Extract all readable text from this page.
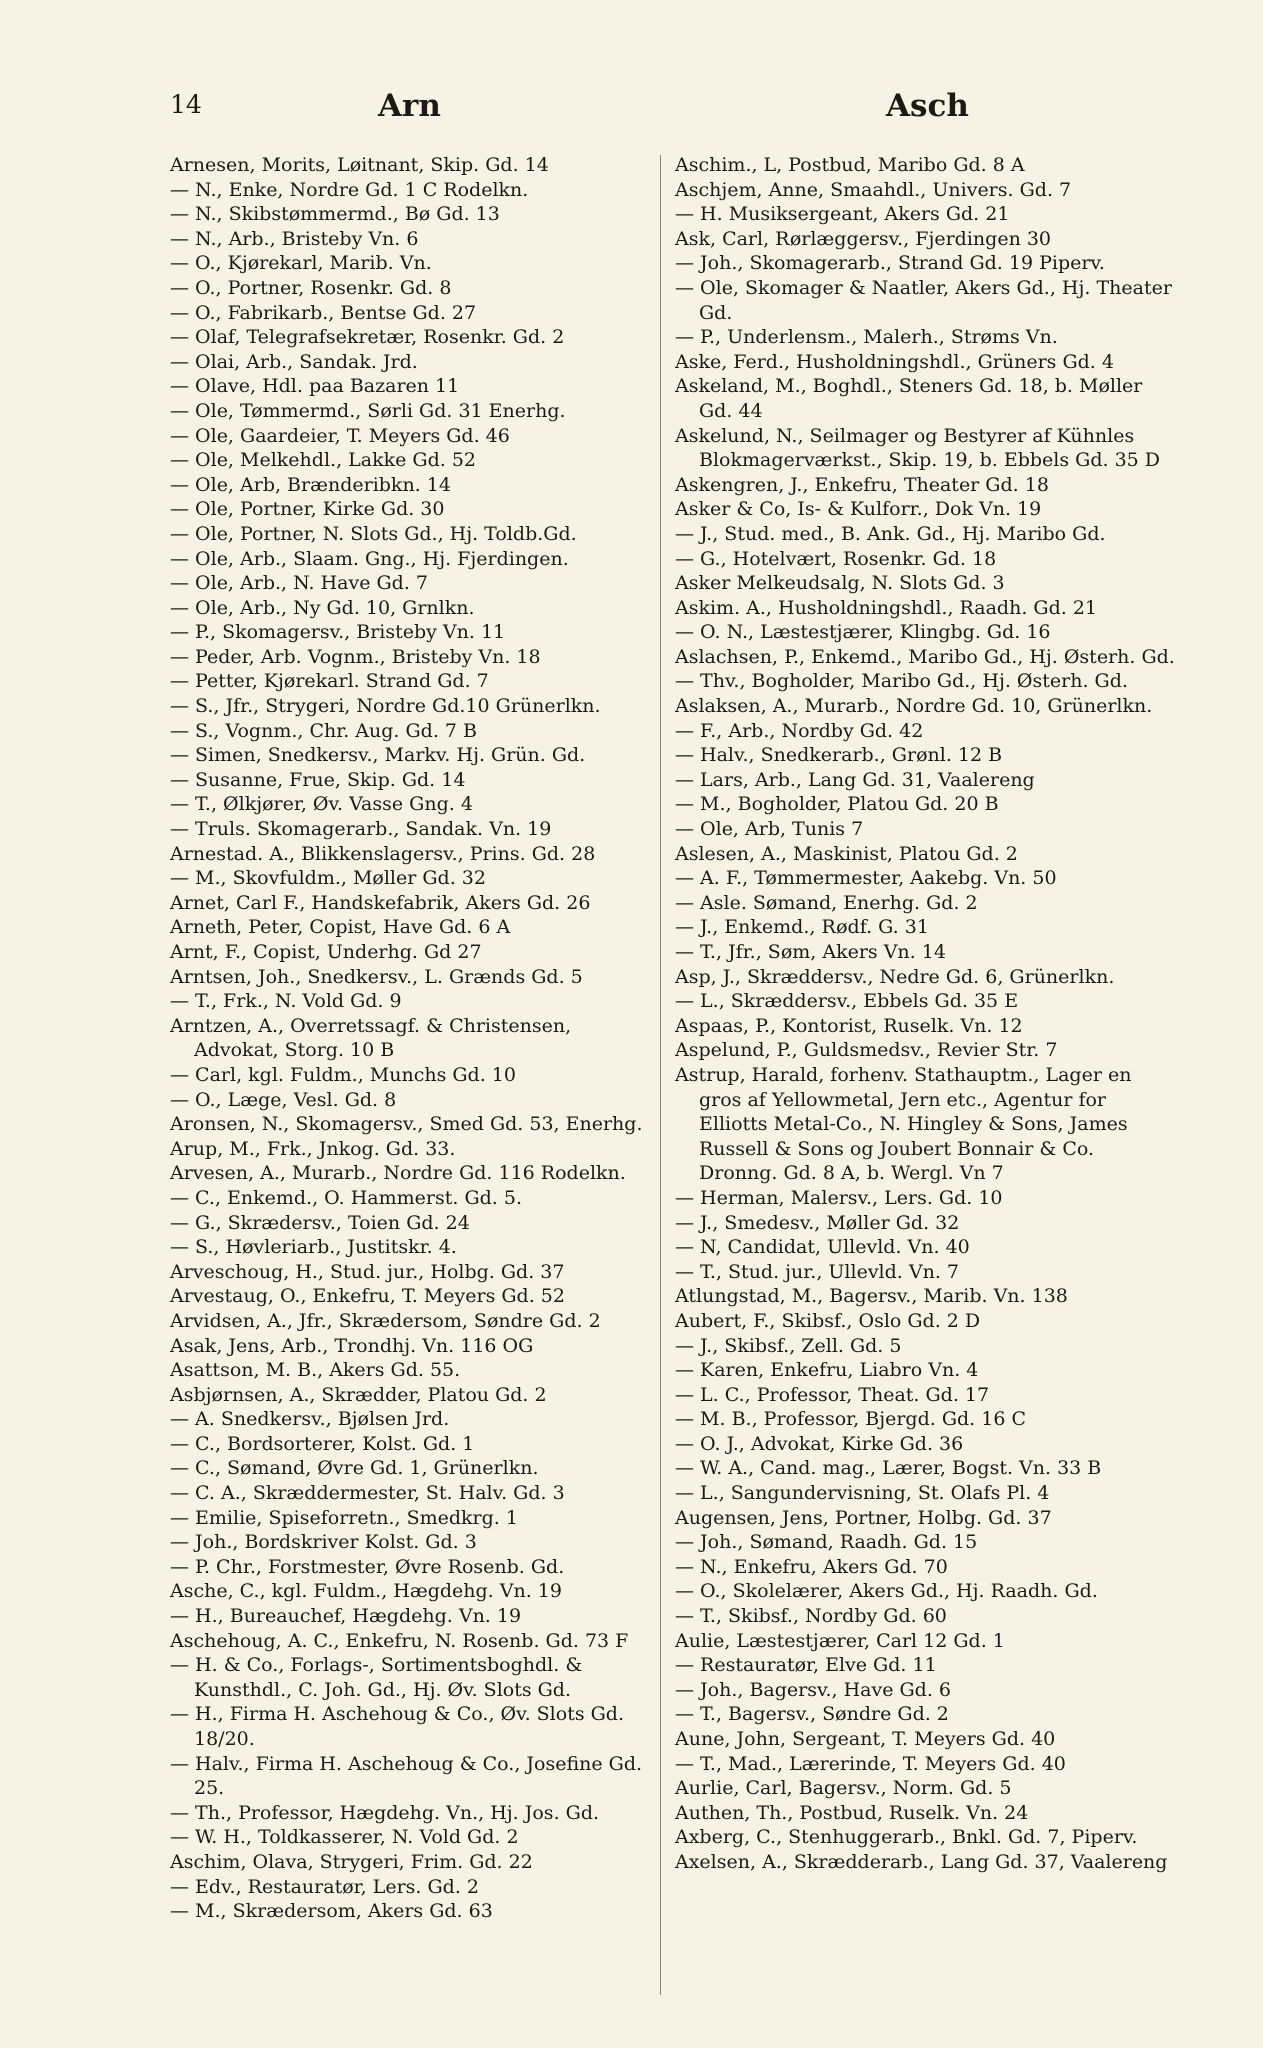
14	Arn	Asch
Arnesen, Morits, Løitnant, Skip. Gd. 14
— N., Enke, Nordre Gd. 1 C Rodelkn.
— N., Skibstømmermd., Bø Gd. 13
— N., Arb., Bristeby Vn. 6
— O., Kjørekarl, Marib. Vn.
— O., Portner, Rosenkr. Gd. 8
— O., Fabrikarb., Bentse Gd. 27
— Olaf, Telegrafsekretær, Rosenkr. Gd. 2
— Olai, Arb., Sandak. Jrd.
— Olave, Hdl. paa Bazaren 11
— Ole, Tømmermd., Sørli Gd. 31 Enerhg.
— Ole, Gaardeier, T. Meyers Gd. 46
— Ole, Melkehdl., Lakke Gd. 52
— Ole, Arb, Brænderibkn. 14
— Ole, Portner, Kirke Gd. 30
— Ole, Portner, N. Slots Gd., Hj. Toldb.Gd.
— Ole, Arb., Slaam. Gng., Hj. Fjerdingen.
— Ole, Arb., N. Have Gd. 7
— Ole, Arb., Ny Gd. 10, Grnlkn.
— P., Skomagersv., Bristeby Vn. 11
— Peder, Arb. Vognm., Bristeby Vn. 18
— Petter, Kjørekarl. Strand Gd. 7
— S., Jfr., Strygeri, Nordre Gd.10 Grünerlkn.
— S., Vognm., Chr. Aug. Gd. 7 B
— Simen, Snedkersv., Markv. Hj. Grün. Gd.
— Susanne, Frue, Skip. Gd. 14
— T., Ølkjører, Øv. Vasse Gng. 4
— Truls. Skomagerarb., Sandak. Vn. 19
Arnestad. A., Blikkenslagersv., Prins. Gd. 28
— M., Skovfuldm., Møller Gd. 32
Arnet, Carl F., Handskefabrik, Akers Gd. 26
Arneth, Peter, Copist, Have Gd. 6 A
Arnt, F., Copist, Underhg. Gd 27
Arntsen, Joh., Snedkersv., L. Grænds Gd. 5
— T., Frk., N. Vold Gd. 9
Arntzen, A., Overretssagf. & Christensen, Advokat, Storg. 10 B
— Carl, kgl. Fuldm., Munchs Gd. 10
— O., Læge, Vesl. Gd. 8
Aronsen, N., Skomagersv., Smed Gd. 53, Enerhg.
Arup, M., Frk., Jnkog. Gd. 33.
Arvesen, A., Murarb., Nordre Gd. 116 Rodelkn.
— C., Enkemd., O. Hammerst. Gd. 5.
— G., Skrædersv., Toien Gd. 24
— S., Høvleriarb., Justitskr. 4.
Arveschoug, H., Stud. jur., Holbg. Gd. 37
Arvestaug, O., Enkefru, T. Meyers Gd. 52
Arvidsen, A., Jfr., Skrædersom, Søndre Gd. 2
Asak, Jens, Arb., Trondhj. Vn. 116 OG
Asattson, M. B., Akers Gd. 55.
Asbjørnsen, A., Skrædder, Platou Gd. 2
— A. Snedkersv., Bjølsen Jrd.
— C., Bordsorterer, Kolst. Gd. 1
— C., Sømand, Øvre Gd. 1, Grünerlkn.
— C. A., Skræddermester, St. Halv. Gd. 3
— Emilie, Spiseforretn., Smedkrg. 1
— Joh., Bordskriver Kolst. Gd. 3
— P. Chr., Forstmester, Øvre Rosenb. Gd.
Asche, C., kgl. Fuldm., Hægdehg. Vn. 19
— H., Bureauchef, Hægdehg. Vn. 19
Aschehoug, A. C., Enkefru, N. Rosenb. Gd. 73 F
— H. & Co., Forlags-, Sortimentsboghdl. & Kunsthdl., C. Joh. Gd., Hj. Øv. Slots Gd.
— H., Firma H. Aschehoug & Co., Øv. Slots Gd. 18/20.
— Halv., Firma H. Aschehoug & Co., Josefine Gd. 25.
— Th., Professor, Hægdehg. Vn., Hj. Jos. Gd.
— W. H., Toldkasserer, N. Vold Gd. 2
Aschim, Olava, Strygeri, Frim. Gd. 22
— Edv., Restauratør, Lers. Gd. 2
— M., Skrædersom, Akers Gd. 63
Aschim., L, Postbud, Maribo Gd. 8 A
Aschjem, Anne, Smaahdl., Univers. Gd. 7
— H. Musiksergeant, Akers Gd. 21
Ask, Carl, Rørlæggersv., Fjerdingen 30
— Joh., Skomagerarb., Strand Gd. 19 Piperv.
— Ole, Skomager & Naatler, Akers Gd., Hj. Theater Gd.
— P., Underlensm., Malerh., Strøms Vn.
Aske, Ferd., Husholdningshdl., Grüners Gd. 4
Askeland, M., Boghdl., Steners Gd. 18, b. Møller Gd. 44
Askelund, N., Seilmager og Bestyrer af Kühnles Blokmagerværkst., Skip. 19, b. Ebbels Gd. 35 D
Askengren, J., Enkefru, Theater Gd. 18
Asker & Co, Is- & Kulforr., Dok Vn. 19
— J., Stud. med., B. Ank. Gd., Hj. Maribo Gd.
— G., Hotelvært, Rosenkr. Gd. 18
Asker Melkeudsalg, N. Slots Gd. 3
Askim. A., Husholdningshdl., Raadh. Gd. 21
— O. N., Læstestjærer, Klingbg. Gd. 16
Aslachsen, P., Enkemd., Maribo Gd., Hj. Østerh. Gd.
— Thv., Bogholder, Maribo Gd., Hj. Østerh. Gd.
Aslaksen, A., Murarb., Nordre Gd. 10, Grünerlkn.
— F., Arb., Nordby Gd. 42
— Halv., Snedkerarb., Grønl. 12 B
— Lars, Arb., Lang Gd. 31, Vaalereng
— M., Bogholder, Platou Gd. 20 B
— Ole, Arb, Tunis 7
Aslesen, A., Maskinist, Platou Gd. 2
— A. F., Tømmermester, Aakebg. Vn. 50
— Asle. Sømand, Enerhg. Gd. 2
— J., Enkemd., Rødf. G. 31
— T., Jfr., Søm, Akers Vn. 14
Asp, J., Skræddersv., Nedre Gd. 6, Grünerlkn.
— L., Skræddersv., Ebbels Gd. 35 E
Aspaas, P., Kontorist, Ruselk. Vn. 12
Aspelund, P., Guldsmedsv., Revier Str. 7
Astrup, Harald, forhenv. Stathauptm., Lager en gros af Yellowmetal, Jern etc., Agentur for Elliotts Metal-Co., N. Hingley & Sons, James Russell & Sons og Joubert Bonnair & Co. Dronng. Gd. 8 A, b. Wergl. Vn 7
— Herman, Malersv., Lers. Gd. 10
— J., Smedesv., Møller Gd. 32
— N, Candidat, Ullevld. Vn. 40
— T., Stud. jur., Ullevld. Vn. 7
Atlungstad, M., Bagersv., Marib. Vn. 138
Aubert, F., Skibsf., Oslo Gd. 2 D
— J., Skibsf., Zell. Gd. 5
— Karen, Enkefru, Liabro Vn. 4
— L. C., Professor, Theat. Gd. 17
— M. B., Professor, Bjergd. Gd. 16 C
— O. J., Advokat, Kirke Gd. 36
— W. A., Cand. mag., Lærer, Bogst. Vn. 33 B
— L., Sangundervisning, St. Olafs Pl. 4
Augensen, Jens, Portner, Holbg. Gd. 37
— Joh., Sømand, Raadh. Gd. 15
— N., Enkefru, Akers Gd. 70
— O., Skolelærer, Akers Gd., Hj. Raadh. Gd.
— T., Skibsf., Nordby Gd. 60
Aulie, Læstestjærer, Carl 12 Gd. 1
— Restauratør, Elve Gd. 11
— Joh., Bagersv., Have Gd. 6
— T., Bagersv., Søndre Gd. 2
Aune, John, Sergeant, T. Meyers Gd. 40
— T., Mad., Lærerinde, T. Meyers Gd. 40
Aurlie, Carl, Bagersv., Norm. Gd. 5
Authen, Th., Postbud, Ruselk. Vn. 24
Axberg, C., Stenhuggerarb., Bnkl. Gd. 7, Piperv.
Axelsen, A., Skrædderarb., Lang Gd. 37, Vaalereng
